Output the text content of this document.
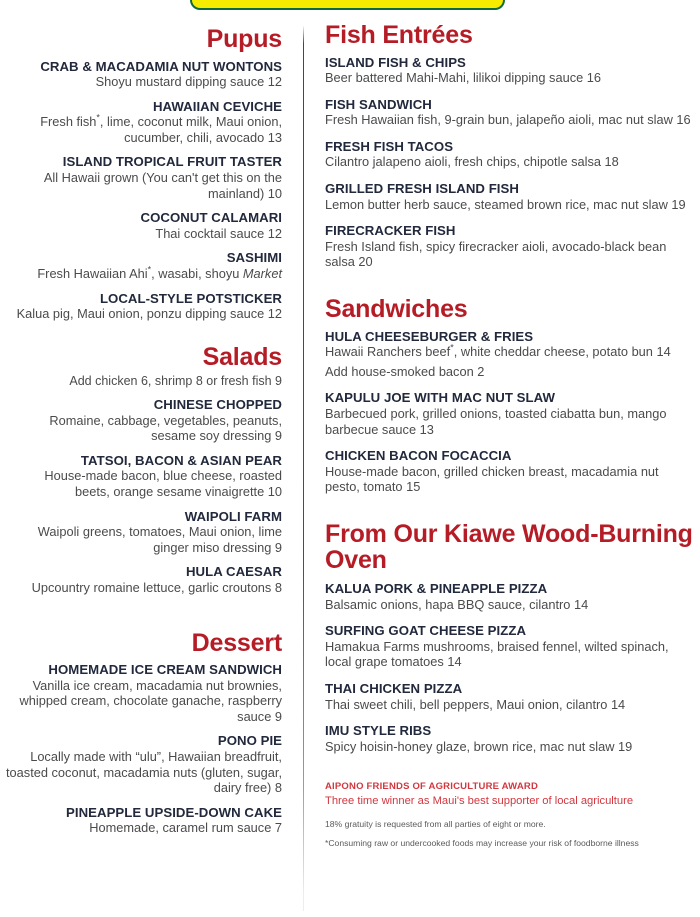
Pupus
CRAB & MACADAMIA NUT WONTONS
Shoyu mustard dipping sauce 12
HAWAIIAN CEVICHE
Fresh fish*, lime, coconut milk, Maui onion, cucumber, chili, avocado 13
ISLAND TROPICAL FRUIT TASTER
All Hawaii grown (You can't get this on the mainland) 10
COCONUT CALAMARI
Thai cocktail sauce 12
SASHIMI
Fresh Hawaiian Ahi*, wasabi, shoyu Market
LOCAL-STYLE POTSTICKER
Kalua pig, Maui onion, ponzu dipping sauce 12
Salads
Add chicken 6, shrimp 8 or fresh fish 9
CHINESE CHOPPED
Romaine, cabbage, vegetables, peanuts, sesame soy dressing 9
TATSOI, BACON & ASIAN PEAR
House-made bacon, blue cheese, roasted beets, orange sesame vinaigrette 10
WAIPOLI FARM
Waipoli greens, tomatoes, Maui onion, lime ginger miso dressing 9
HULA CAESAR
Upcountry romaine lettuce, garlic croutons 8
Dessert
HOMEMADE ICE CREAM SANDWICH
Vanilla ice cream, macadamia nut brownies, whipped cream, chocolate ganache, raspberry sauce 9
PONO PIE
Locally made with “ulu”, Hawaiian breadfruit, toasted coconut, macadamia nuts (gluten, sugar, dairy free) 8
PINEAPPLE UPSIDE-DOWN CAKE
Homemade, caramel rum sauce 7
Fish Entrées
ISLAND FISH & CHIPS
Beer battered Mahi-Mahi, lilikoi dipping sauce 16
FISH SANDWICH
Fresh Hawaiian fish, 9-grain bun, jalapeño aioli, mac nut slaw 16
FRESH FISH TACOS
Cilantro jalapeno aioli, fresh chips, chipotle salsa 18
GRILLED FRESH ISLAND FISH
Lemon butter herb sauce, steamed brown rice, mac nut slaw 19
FIRECRACKER FISH
Fresh Island fish, spicy firecracker aioli, avocado-black bean salsa 20
Sandwiches
HULA CHEESEBURGER & FRIES
Hawaii Ranchers beef*, white cheddar cheese, potato bun 14
Add house-smoked bacon 2
KAPULU JOE WITH MAC NUT SLAW
Barbecued pork, grilled onions, toasted ciabatta bun, mango barbecue sauce 13
CHICKEN BACON FOCACCIA
House-made bacon, grilled chicken breast, macadamia nut pesto, tomato 15
From Our Kiawe Wood-Burning Oven
KALUA PORK & PINEAPPLE PIZZA
Balsamic onions, hapa BBQ sauce, cilantro 14
SURFING GOAT CHEESE PIZZA
Hamakua Farms mushrooms, braised fennel, wilted spinach, local grape tomatoes 14
THAI CHICKEN PIZZA
Thai sweet chili, bell peppers, Maui onion, cilantro 14
IMU STYLE RIBS
Spicy hoisin-honey glaze, brown rice, mac nut slaw 19
AIPONO FRIENDS OF AGRICULTURE AWARD
Three time winner as Maui's best supporter of local agriculture
18% gratuity is requested from all parties of eight or more.
*Consuming raw or undercooked foods may increase your risk of foodborne illness
